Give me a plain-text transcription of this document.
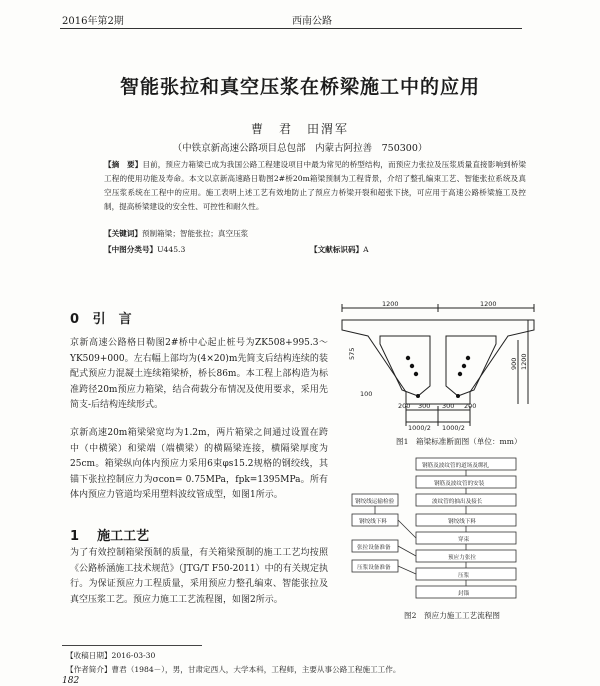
2016年第2期	西南公路
智能张拉和真空压浆在桥梁施工中的应用
曹　君　田渭军
（中铁京新高速公路项目总包部　内蒙古阿拉善　750300）
【摘　要】目前，预应力箱梁已成为我国公路工程建设项目中最为常见的桥型结构，而预应力张拉及压浆质量直接影响到桥梁工程的使用功能及寿命。本文以京新高速路日勒图2#桥20m箱梁预制为工程背景，介绍了整孔编束工艺、智能张拉系统及真空压浆系统在工程中的应用。施工表明上述工艺有效地防止了预应力桥梁开裂和超张下挠，可应用于高速公路桥梁施工及控制，提高桥梁建设的安全性、可控性和耐久性。
【关键词】预制箱梁；智能张拉；真空压浆
【中图分类号】U445.3	【文献标识码】A
0 引　言
京新高速公路格日勒图2#桥中心起止桩号为ZK508+995.3～YK509+000。左右幅上部均为(4×20)m先简支后结构连续的装配式预应力混凝土连续箱梁桥，桥长86m。本工程上部构造为标准跨径20m预应力箱梁，结合荷载分布情况及使用要求，采用先简支-后结构连续形式。
京新高速20m箱梁梁宽均为1.2m，两片箱梁之间通过设置在跨中（中横梁）和梁端（端横梁）的横隔梁连接，横隔梁厚度为25cm。箱梁纵向体内预应力采用6束φs15.2规格的钢绞线，其锚下张拉控制应力为σcon= 0.75MPa，fpk=1395MPa。所有体内预应力管道均采用塑料波纹管成型，如图1所示。
1 施工工艺
为了有效控制箱梁预制的质量，有关箱梁预制的施工工艺均按照《公路桥涵施工技术规范》（JTG/T F50-2011）中的有关规定执行。为保证预应力工程质量，采用预应力整孔编束、智能张拉及真空压浆工艺。预应力施工工艺流程图，如图2所示。
1200	1200
200 300 300 200
1000/2 1000/2
575
900 1200
100
图1　箱梁标准断面图（单位：mm）
钢筋及波纹管的道场及绑扎
钢筋及波纹管的安装
波纹管的抽出及接长
钢绞线下料
穿束
预应力张拉
压浆
封锚
钢绞线运输检验
钢绞线下料
张拉设备准备
压浆设备准备
图2　预应力施工工艺流程图
【收稿日期】2016-03-30
【作者简介】曹君（1984－），男，甘肃定西人，大学本科，工程师，主要从事公路工程施工工作。
182
